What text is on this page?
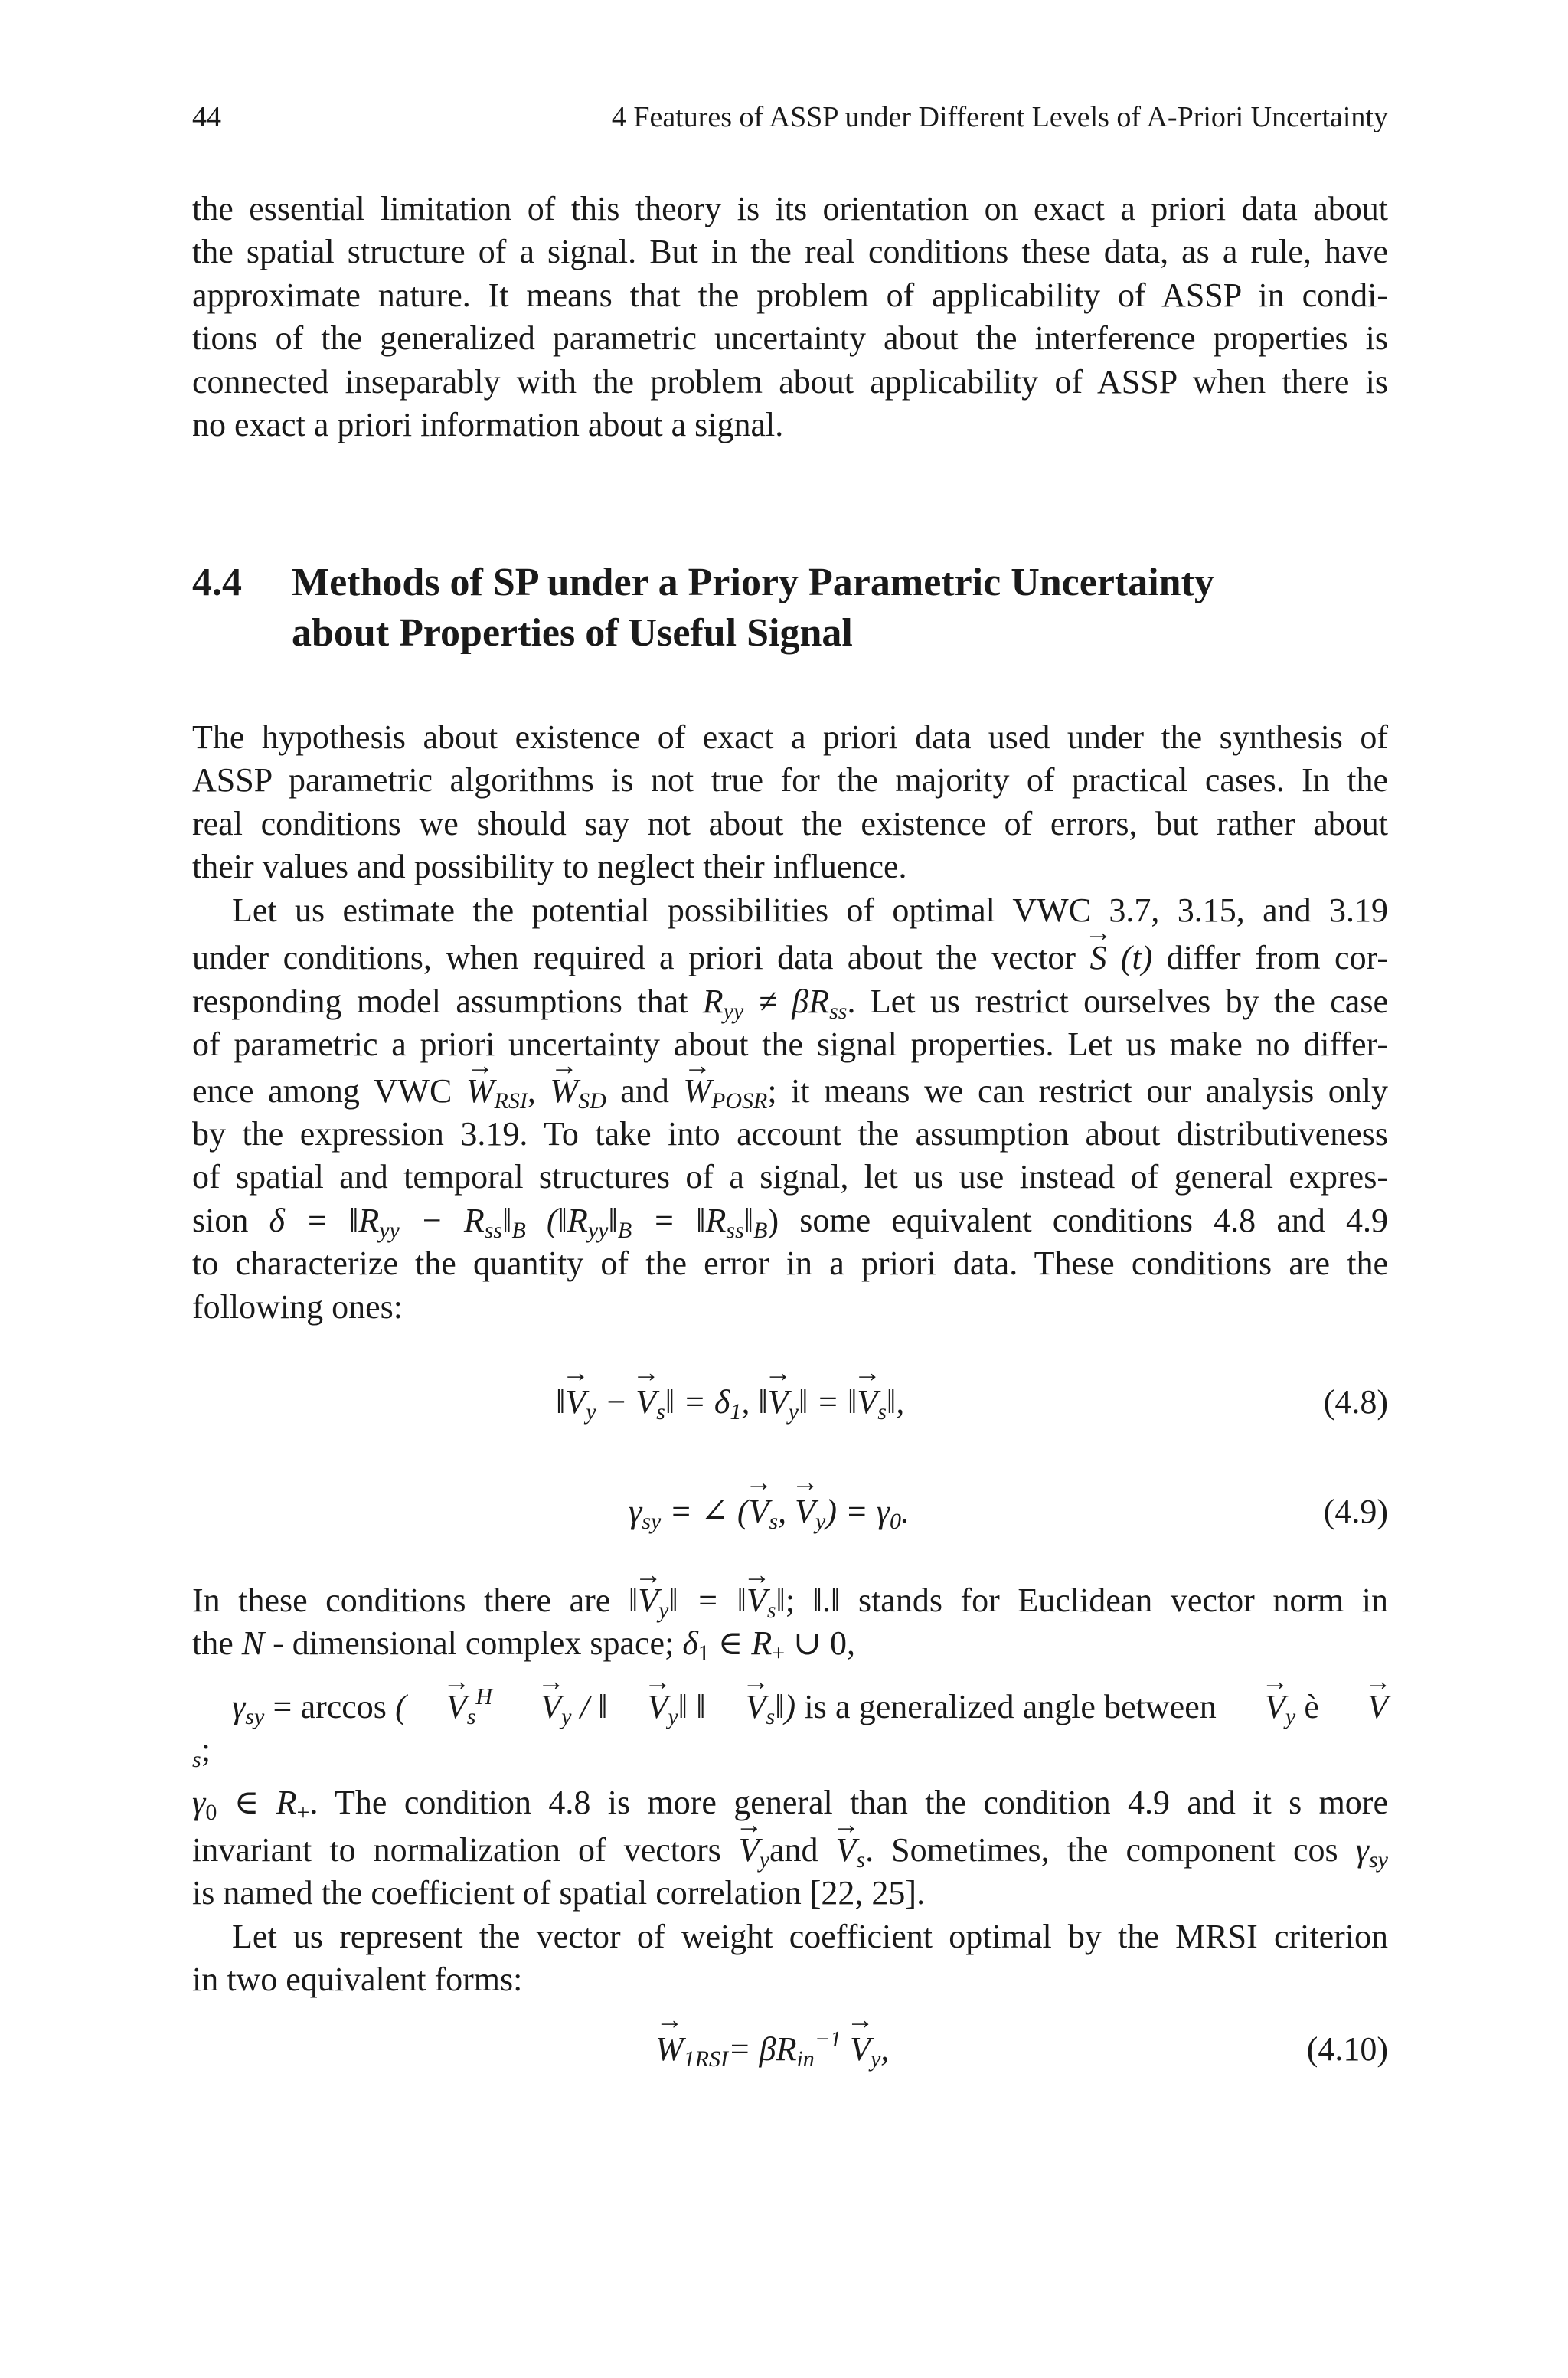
44	4 Features of ASSP under Different Levels of A-Priori Uncertainty

the essential limitation of this theory is its orientation on exact a priori data about

the spatial structure of a signal. But in the real conditions these data, as a rule, have

approximate nature. It means that the problem of applicability of ASSP in condi-

tions of the generalized parametric uncertainty about the interference properties is

connected inseparably with the problem about applicability of ASSP when there is

no exact a priori information about a signal.

4.4 Methods of SP under a Priory Parametric Uncertainty
about Properties of Useful Signal

The hypothesis about existence of exact a priori data used under the synthesis of

ASSP parametric algorithms is not true for the majority of practical cases. In the

real conditions we should say not about the existence of errors, but rather about

their values and possibility to neglect their influence.

Let us estimate the potential possibilities of optimal VWC 3.7, 3.15, and 3.19

under conditions, when required a priori data about the vector → S (t) differ from cor-

responding model assumptions that $R_{yy} \ne \beta R_{ss}$. Let us restrict ourselves by the case

of parametric a priori uncertainty about the signal properties. Let us make no differ-

ence among VWC → $W_{RSI}$, → $W_{SD}$ and → $W_{POSR}$; it means we can restrict our analysis only

by the expression 3.19. To take into account the assumption about distributiveness

of spatial and temporal structures of a signal, let us use instead of general expres-

sion $\delta = ‖R_{yy}$ − $R_{ss}‖_B$ ($‖R_{yy}‖_B$ = $‖R_{ss}‖_B$) some equivalent conditions 4.8 and 4.9

to characterize the quantity of the error in a priori data. These conditions are the

following ones:

‖→ $V_y$ − → $V_s‖ = \delta_1$, ‖→ $V_y‖$ = ‖→ $V_s‖$,	(4.8)
$\gamma_{sy}$ = ∠ (→ $V_s$, → $V_y) = \gamma_0$.	(4.9)

In these conditions there are ‖→ $V_y‖$ = ‖→ $V_s‖$; ‖.‖ stands for Euclidean vector norm in

the N - dimensional complex space; $\delta_1$ ∈ $R_+$ ∪ 0,

$\gamma_{sy} = \arccos$ ( → $V_s^H \to V_y$ / ‖ → $V_y‖$ ‖ → $V_s‖$) is a generalized angle between → $V_y$ è → $V_s$;

$\gamma_0$ ∈ $R_+$. The condition 4.8 is more general than the condition 4.9 and it s more

invariant to normalization of vectors → $V_yand \to V_s$. Sometimes, the component $\cos \gamma_{sy}$

is named the coefficient of spatial correlation [22, 25].

Let us represent the vector of weight coefficient optimal by the MRSI criterion

in two equivalent forms:

→ $W_{1RSI}= \beta R_{in}^{-1} \to V_y$,	(4.10)
